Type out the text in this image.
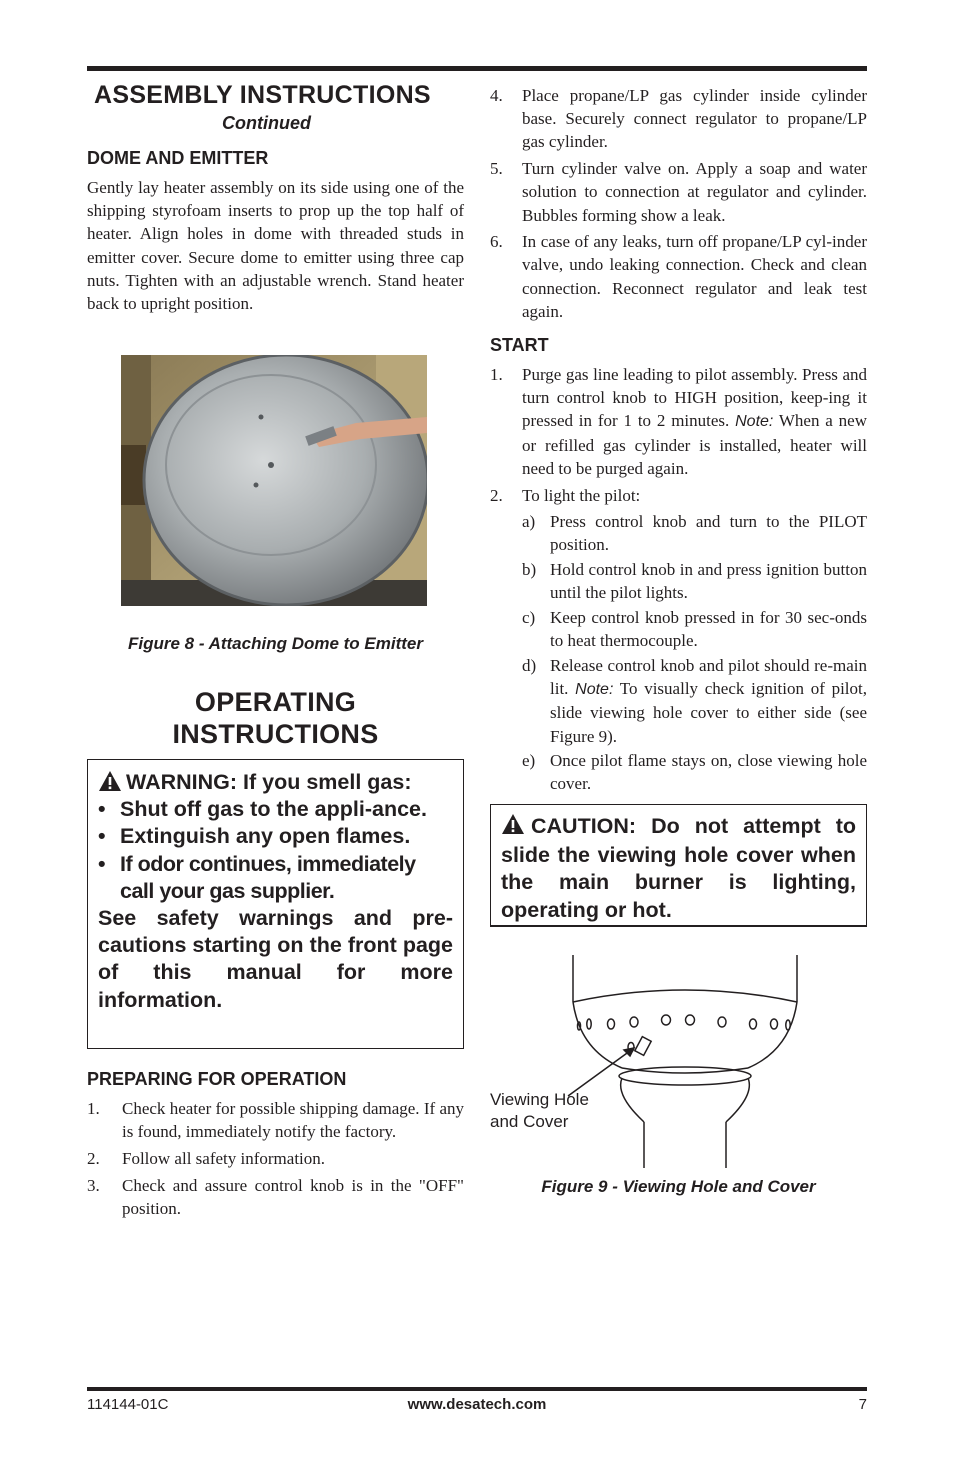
ASSEMBLY INSTRUCTIONS
Continued
DOME AND EMITTER
Gently lay heater assembly on its side using one of the shipping styrofoam inserts to prop up the top half of heater. Align holes in dome with threaded studs in emitter cover. Secure dome to emitter using three cap nuts. Tighten with an adjustable wrench. Stand heater back to upright position.
Figure 8 - Attaching Dome to Emitter
OPERATING
INSTRUCTIONS
WARNING: If you smell gas:
• Shut off gas to the appli-ance.
• Extinguish any open flames.
• If odor continues, immediately call your gas supplier.
See safety warnings and pre-cautions starting on the front page of this manual for more information.
PREPARING FOR OPERATION
1. Check heater for possible shipping damage. If any is found, immediately notify the factory.
2. Follow all safety information.
3. Check and assure control knob is in the "OFF" position.
4. Place propane/LP gas cylinder inside cylinder base. Securely connect regulator to propane/LP gas cylinder.
5. Turn cylinder valve on. Apply a soap and water solution to connection at regulator and cylinder. Bubbles forming show a leak.
6. In case of any leaks, turn off propane/LP cyl-inder valve, undo leaking connection. Check and clean connection. Reconnect regulator and leak test again.
START
1. Purge gas line leading to pilot assembly. Press and turn control knob to HIGH position, keep-ing it pressed in for 1 to 2 minutes. Note: When a new or refilled gas cylinder is installed, heater will need to be purged again.
2. To light the pilot:
a) Press control knob and turn to the PILOT position.
b) Hold control knob in and press ignition button until the pilot lights.
c) Keep control knob pressed in for 30 sec-onds to heat thermocouple.
d) Release control knob and pilot should re-main lit. Note: To visually check ignition of pilot, slide viewing hole cover to either side (see Figure 9).
e) Once pilot flame stays on, close viewing hole cover.
CAUTION: Do not attempt to slide the viewing hole cover when the main burner is lighting, operating or hot.
Viewing Hole
and Cover
Figure 9 - Viewing Hole and Cover
114144-01C	www.desatech.com	7
